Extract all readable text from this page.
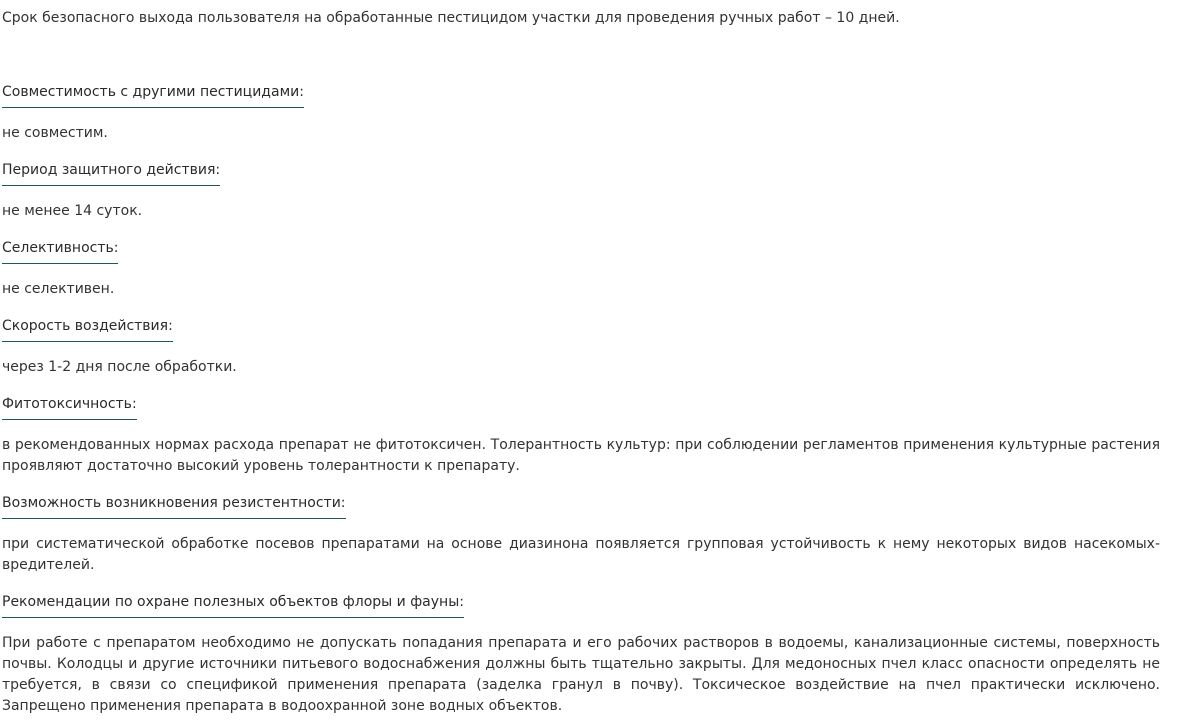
Срок безопасного выхода пользователя на обработанные пестицидом участки для проведения ручных работ – 10 дней.

Совместимость с другими пестицидами:

не совместим.

Период защитного действия:

не менее 14 суток.

Селективность:

не селективен.

Скорость воздействия:

через 1-2 дня после обработки.

Фитотоксичность:

в рекомендованных нормах расхода препарат не фитотоксичен. Толерантность культур: при соблюдении регламентов применения культурные растения проявляют достаточно высокий уровень толерантности к препарату.

Возможность возникновения резистентности:

при систематической обработке посевов препаратами на основе диазинона появляется групповая устойчивость к нему некоторых видов насекомых-вредителей.

Рекомендации по охране полезных объектов флоры и фауны:

При работе с препаратом необходимо не допускать попадания препарата и его рабочих растворов в водоемы, канализационные системы, поверхность почвы. Колодцы и другие источники питьевого водоснабжения должны быть тщательно закрыты. Для медоносных пчел класс опасности определять не требуется, в связи со спецификой применения препарата (заделка гранул в почву). Токсическое воздействие на пчел практически исключено. Запрещено применения препарата в водоохранной зоне водных объектов.
